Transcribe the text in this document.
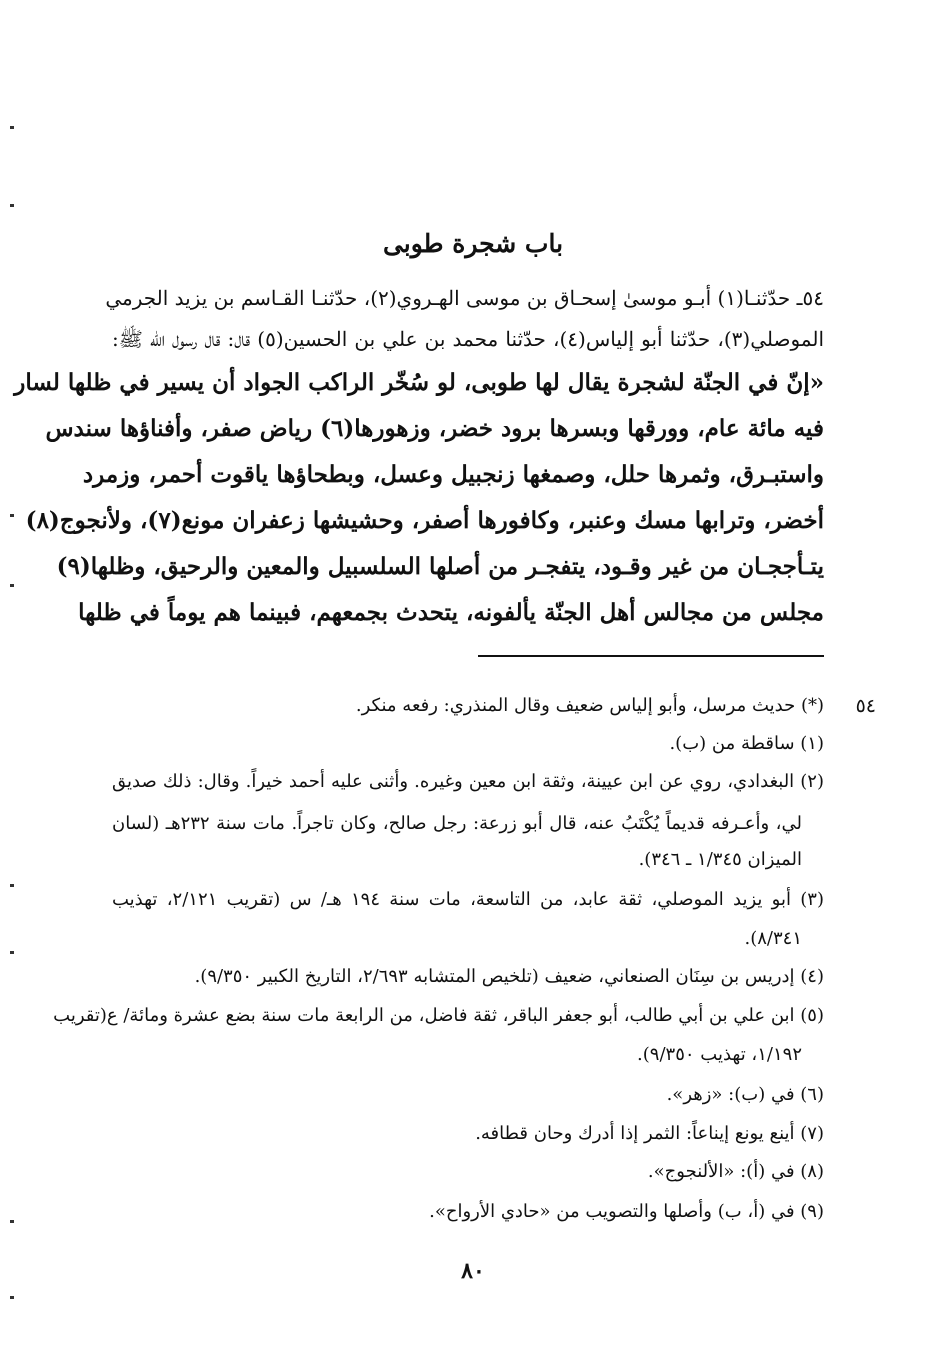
باب شجرة طوبى
٥٤ـ حدّثنـا(١) أبـو موسىٰ إسحـاق بن موسى الهـروي(٢)، حدّثنـا القـاسم بن يزيد الجرمي
الموصلي(٣)، حدّثنا أبو إلياس(٤)، حدّثنا محمد بن علي بن الحسين(٥) قال: قال رسول الله ﷺ:
«إنّ في الجنّة لشجرة يقال لها طوبى، لو سُخّر الراكب الجواد أن يسير في ظلها لسار
فيه مائة عام، وورقها وبسرها برود خضر، وزهورها(٦) رياض صفر، وأفناؤها سندس
واستبـرق، وثمرها حلل، وصمغها زنجبيل وعسل، وبطحاؤها ياقوت أحمر، وزمرد
أخضر، وترابها مسك وعنبر، وكافورها أصفر، وحشيشها زعفران مونع(٧)، ولأنجوج(٨)
يتـأججـان من غير وقـود، يتفجـر من أصلها السلسبيل والمعين والرحيق، وظلها(٩)
مجلس من مجالس أهل الجنّة يألفونه، يتحدث بجمعهم، فبينما هم يوماً في ظلها
٥٤
(*) حديث مرسل، وأبو إلياس ضعيف وقال المنذري: رفعه منكر.
(١) ساقطة من (ب).
(٢) البغدادي، روي عن ابن عيينة، وثقة ابن معين وغيره. وأثنى عليه أحمد خيراً. وقال: ذلك صديق
لي، وأعـرفه قديماً يُكْتَبُ عنه، قال أبو زرعة: رجل صالح، وكان تاجراً. مات سنة ٢٣٢هـ (لسان
الميزان ١/٣٤٥ ـ ٣٤٦).
(٣) أبو يزيد الموصلي، ثقة عابد، من التاسعة، مات سنة ١٩٤ هـ/ س (تقريب ٢/١٢١، تهذيب
٨/٣٤١).
(٤) إدريس بن سِنَان الصنعاني، ضعيف (تلخيص المتشابه ٢/٦٩٣، التاريخ الكبير ٩/٣٥٠).
(٥) ابن علي بن أبي طالب، أبو جعفر الباقر، ثقة فاضل، من الرابعة مات سنة بضع عشرة ومائة/ ع(تقريب
١/١٩٢، تهذيب ٩/٣٥٠).
(٦) في (ب): «زهر».
(٧) أينع يونع إيناعاً: الثمر إذا أدرك وحان قطافه.
(٨) في (أ): «الألنجوج».
(٩) في (أ، ب) وأصلها والتصويب من «حادي الأرواح».
٨٠
